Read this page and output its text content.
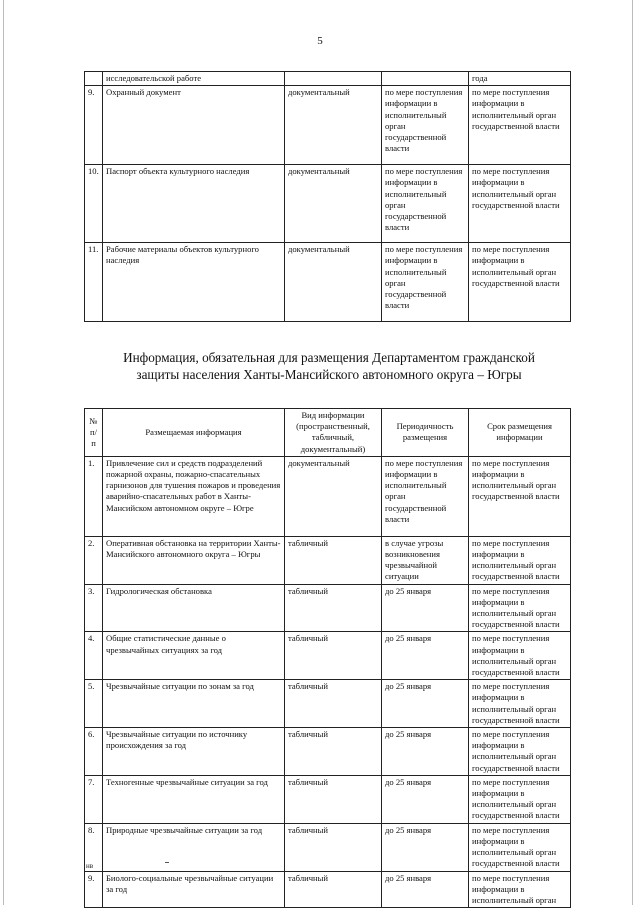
5
	исследовательской работе			года
9.	Охранный документ	документальный	по мере поступления информации в исполнительный орган государственной власти	по мере поступления информации в исполнительный орган государственной власти
10.	Паспорт объекта культурного наследия	документальный	по мере поступления информации в исполнительный орган государственной власти	по мере поступления информации в исполнительный орган государственной власти
11.	Рабочие материалы объектов культурного наследия	документальный	по мере поступления информации в исполнительный орган государственной власти	по мере поступления информации в исполнительный орган государственной власти
Информация, обязательная для размещения Департаментом гражданской защиты населения Ханты-Мансийского автономного округа – Югры
№ п/п	Размещаемая информация	Вид информации (пространственный, табличный, документальный)	Периодичность размещения	Срок размещения информации
1.	Привлечение сил и средств подразделений пожарной охраны, пожарно-спасательных гарнизонов для тушения пожаров и проведения аварийно-спасательных работ в Ханты-Мансийском автономном округе – Югре	документальный	по мере поступления информации в исполнительный орган государственной власти	по мере поступления информации в исполнительный орган государственной власти
2.	Оперативная обстановка на территории Ханты-Мансийского автономного округа – Югры	табличный	в случае угрозы возникновения чрезвычайной ситуации	по мере поступления информации в исполнительный орган государственной власти
3.	Гидрологическая обстановка	табличный	до 25 января	по мере поступления информации в исполнительный орган государственной власти
4.	Общие статистические данные о чрезвычайных ситуациях за год	табличный	до 25 января	по мере поступления информации в исполнительный орган государственной власти
5.	Чрезвычайные ситуации по зонам за год	табличный	до 25 января	по мере поступления информации в исполнительный орган государственной власти
6.	Чрезвычайные ситуации по источнику происхождения за год	табличный	до 25 января	по мере поступления информации в исполнительный орган государственной власти
7.	Техногенные чрезвычайные ситуации за год	табличный	до 25 января	по мере поступления информации в исполнительный орган государственной власти
8.	Природные чрезвычайные ситуации за год	табличный	до 25 января	по мере поступления информации в исполнительный орган государственной власти
9.	Биолого-социальные чрезвычайные ситуации за год	табличный	до 25 января	по мере поступления информации в исполнительный орган
нв
